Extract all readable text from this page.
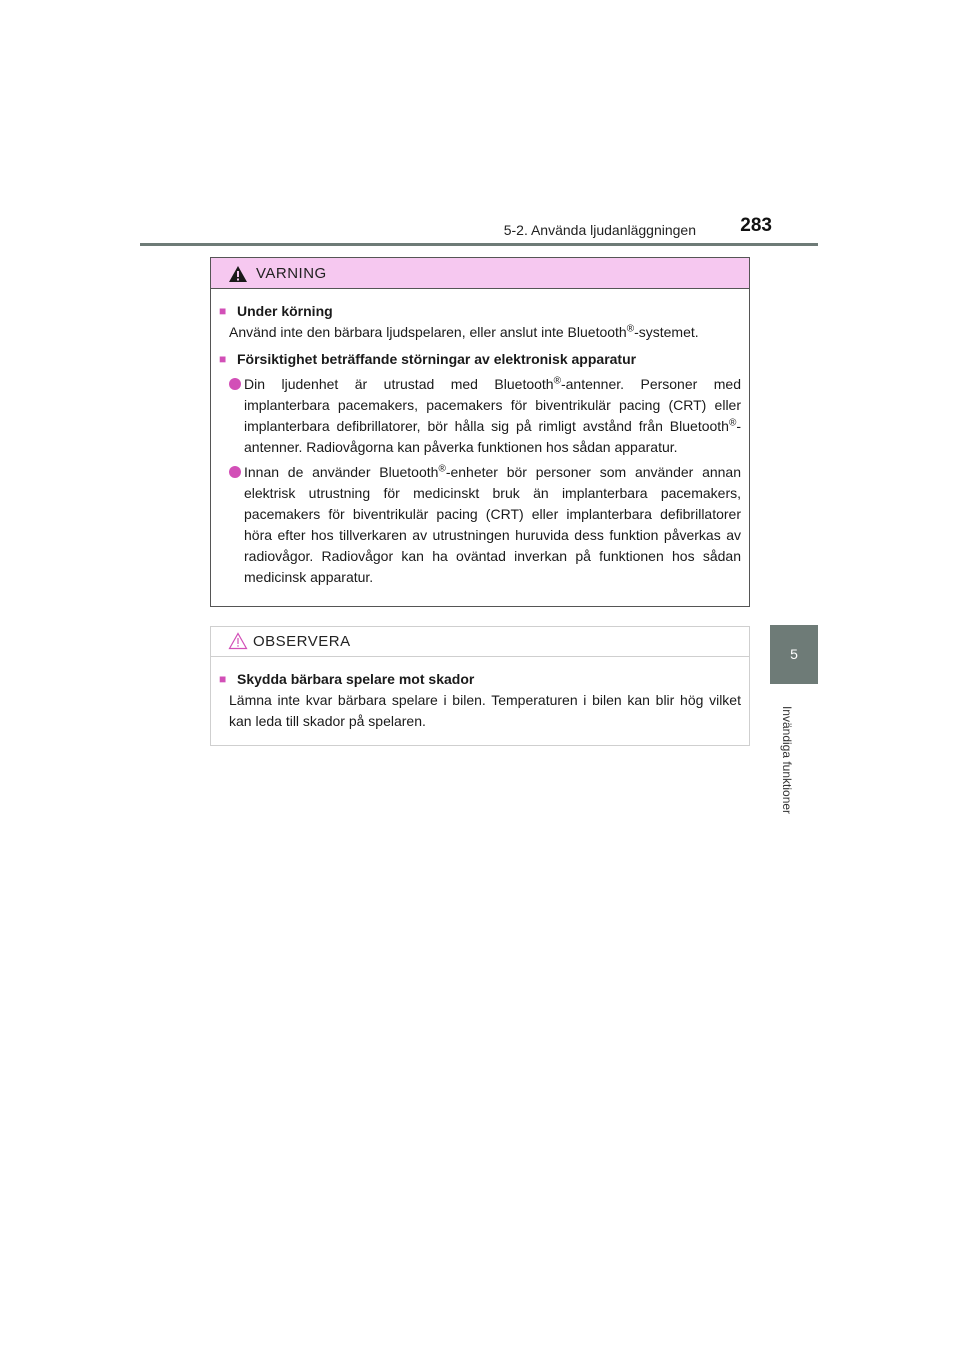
5-2. Använda ljudanläggningen 283
5
Invändiga funktioner
VARNING
■ Under körning
Använd inte den bärbara ljudspelaren, eller anslut inte Bluetooth®-systemet.
■ Försiktighet beträffande störningar av elektronisk apparatur
Din ljudenhet är utrustad med Bluetooth®-antenner. Personer med implanterbara pacemakers, pacemakers för biventrikulär pacing (CRT) eller implanterbara defibrillatorer, bör hålla sig på rimligt avstånd från Bluetooth®-antenner. Radiovågorna kan påverka funktionen hos sådan apparatur.
Innan de använder Bluetooth®-enheter bör personer som använder annan elektrisk utrustning för medicinskt bruk än implanterbara pacemakers, pacemakers för biventrikulär pacing (CRT) eller implanterbara defibrillatorer höra efter hos tillverkaren av utrustningen huruvida dess funktion påverkas av radiovågor. Radiovågor kan ha oväntad inverkan på funktionen hos sådan medicinsk apparatur.
OBSERVERA
■ Skydda bärbara spelare mot skador
Lämna inte kvar bärbara spelare i bilen. Temperaturen i bilen kan blir hög vilket kan leda till skador på spelaren.
